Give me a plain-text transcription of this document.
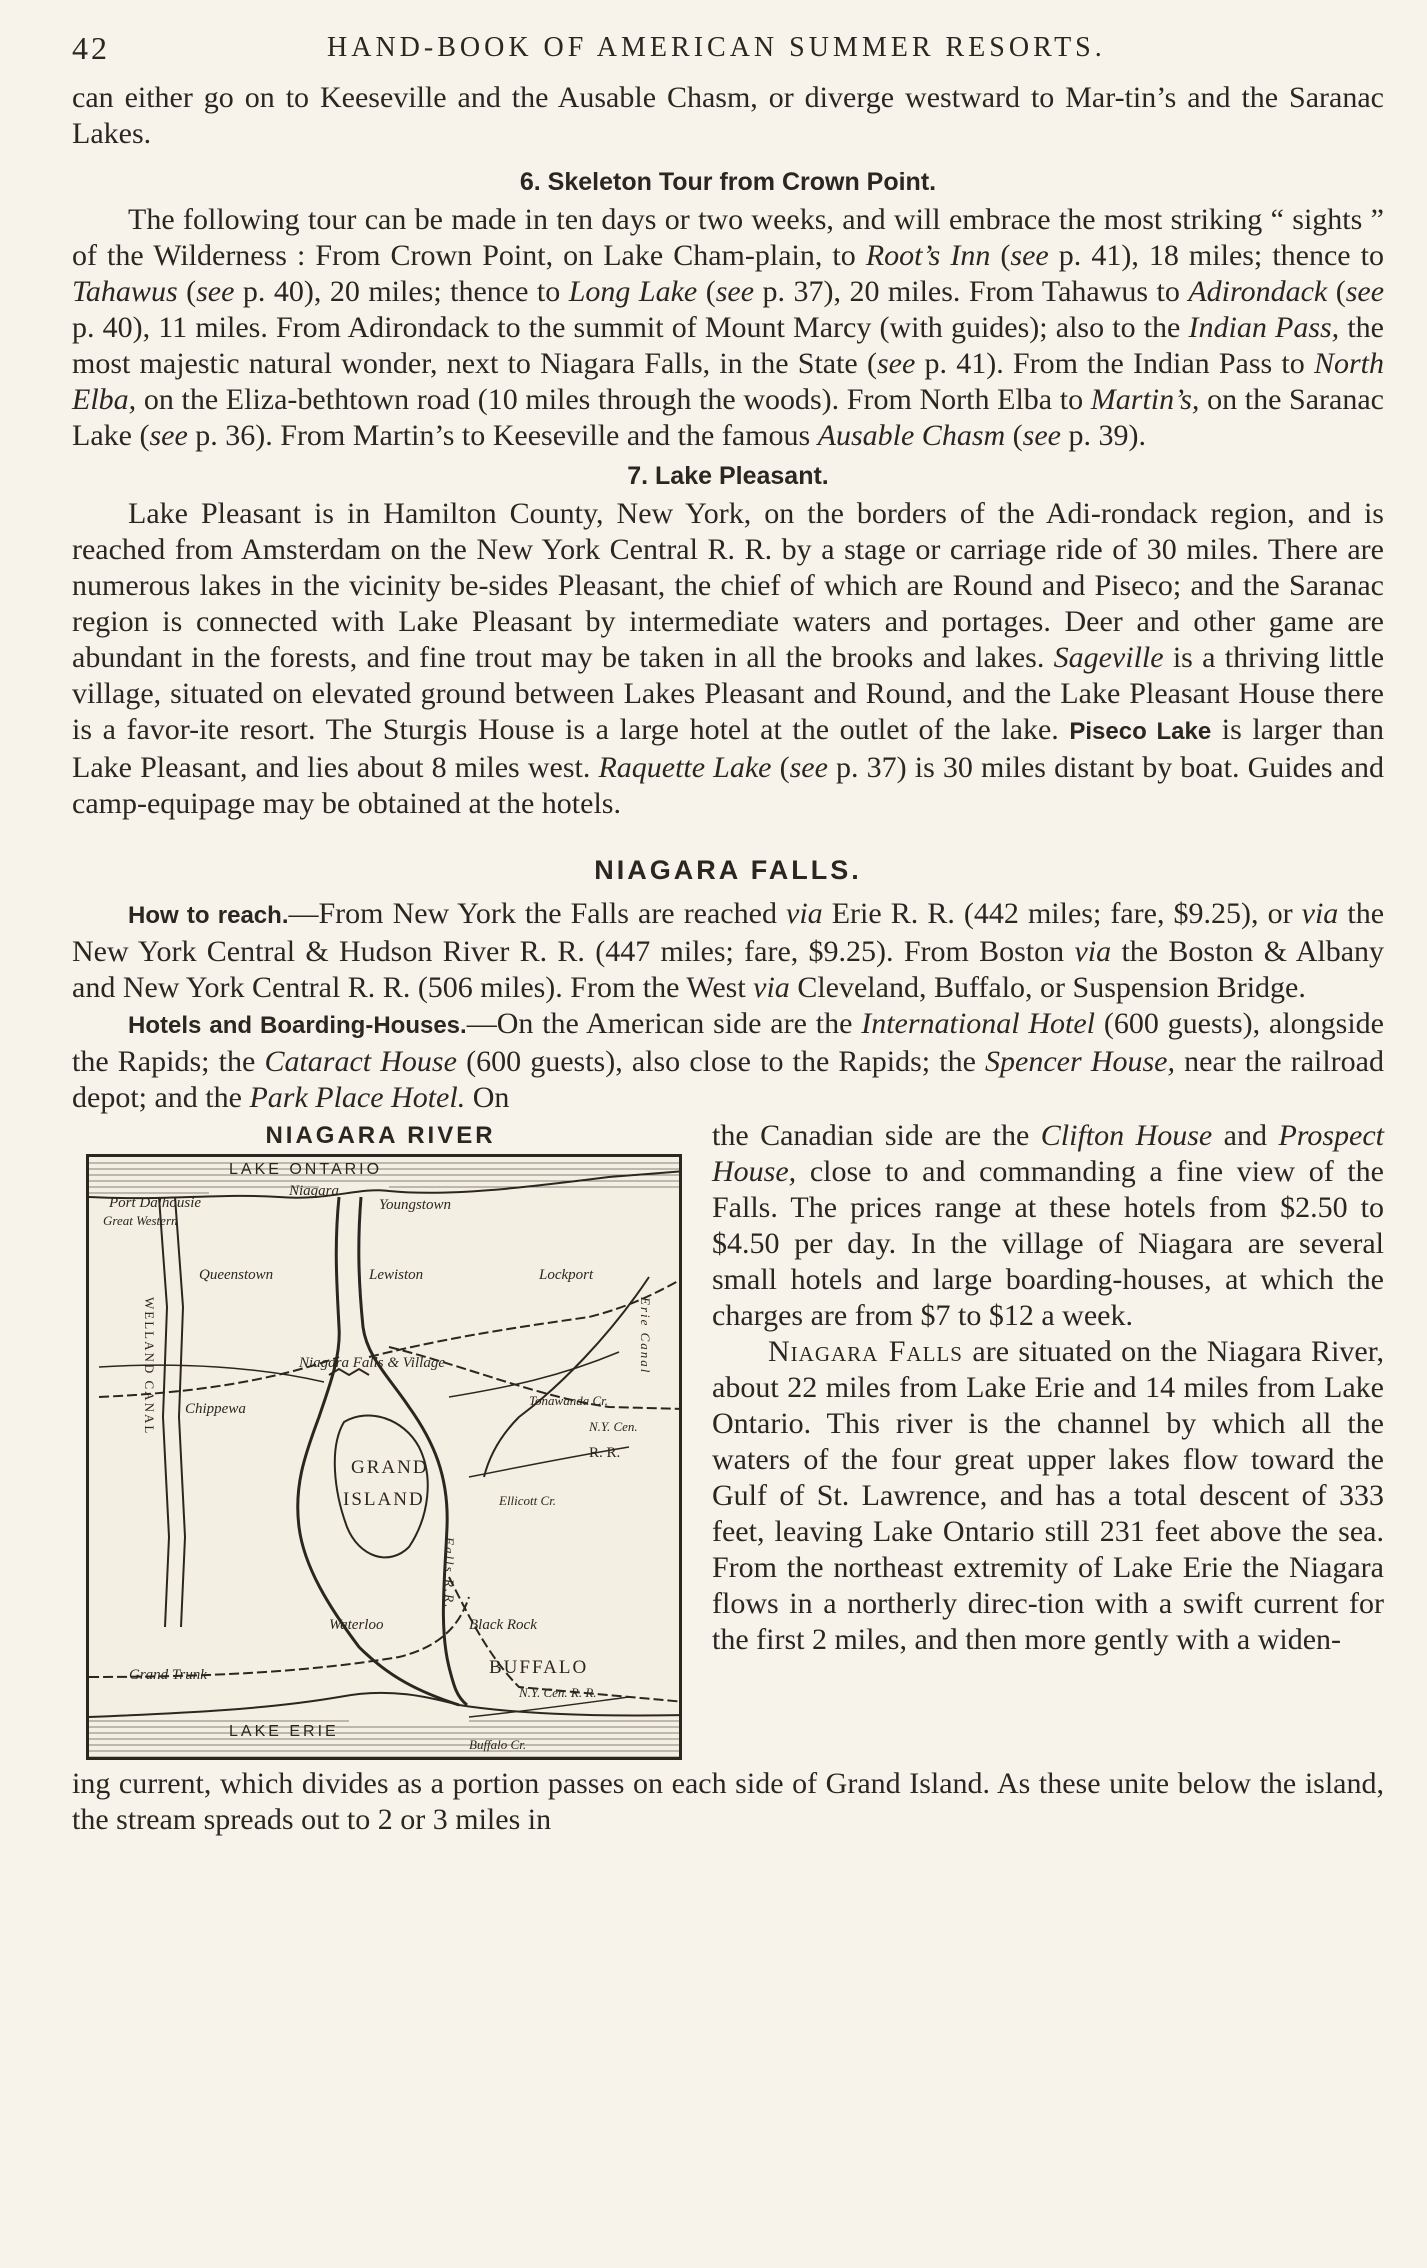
42	HAND-BOOK OF AMERICAN SUMMER RESORTS.

can either go on to Keeseville and the Ausable Chasm, or diverge westward to Mar-tin’s and the Saranac Lakes.

6. Skeleton Tour from Crown Point.

The following tour can be made in ten days or two weeks, and will embrace the most striking “ sights ” of the Wilderness : From Crown Point, on Lake Cham-plain, to Root’s Inn (see p. 41), 18 miles; thence to Tahawus (see p. 40), 20 miles; thence to Long Lake (see p. 37), 20 miles. From Tahawus to Adirondack (see p. 40), 11 miles. From Adirondack to the summit of Mount Marcy (with guides); also to the Indian Pass, the most majestic natural wonder, next to Niagara Falls, in the State (see p. 41). From the Indian Pass to North Elba, on the Eliza-bethtown road (10 miles through the woods). From North Elba to Martin’s, on the Saranac Lake (see p. 36). From Martin’s to Keeseville and the famous Ausable Chasm (see p. 39).

7. Lake Pleasant.

Lake Pleasant is in Hamilton County, New York, on the borders of the Adi-rondack region, and is reached from Amsterdam on the New York Central R. R. by a stage or carriage ride of 30 miles. There are numerous lakes in the vicinity be-sides Pleasant, the chief of which are Round and Piseco; and the Saranac region is connected with Lake Pleasant by intermediate waters and portages. Deer and other game are abundant in the forests, and fine trout may be taken in all the brooks and lakes. Sageville is a thriving little village, situated on elevated ground between Lakes Pleasant and Round, and the Lake Pleasant House there is a favor-ite resort. The Sturgis House is a large hotel at the outlet of the lake. Piseco Lake is larger than Lake Pleasant, and lies about 8 miles west. Raquette Lake (see p. 37) is 30 miles distant by boat. Guides and camp-equipage may be obtained at the hotels.

NIAGARA FALLS.

How to reach.—From New York the Falls are reached via Erie R. R. (442 miles; fare, $9.25), or via the New York Central & Hudson River R. R. (447 miles; fare, $9.25). From Boston via the Boston & Albany and New York Central R. R. (506 miles). From the West via Cleveland, Buffalo, or Suspension Bridge.

Hotels and Boarding-Houses.—On the American side are the International Hotel (600 guests), alongside the Rapids; the Cataract House (600 guests), also close to the Rapids; the Spencer House, near the railroad depot; and the Park Place Hotel. On

NIAGARA RIVER
LAKE ONTARIO
Niagara
Port Dalhousie
Great Western
Youngstown
Queenstown	Lewiston	Lockport
WELLAND CANAL	Erie Canal
Niagara Falls & Village
Chippewa
Tonawanda Cr.
N.Y. Cen.
GRAND
ISLAND
R. R.
Ellicott Cr.
Falls R.R.
Waterloo	Black Rock
Grand Trunk	BUFFALO
N.Y. Cen. R. R.
Buffalo Cr.
LAKE ERIE

the Canadian side are the Clifton House and Prospect House, close to and commanding a fine view of the Falls. The prices range at these hotels from $2.50 to $4.50 per day. In the village of Niagara are several small hotels and large boarding-houses, at which the charges are from $7 to $12 a week.

Niagara Falls are situated on the Niagara River, about 22 miles from Lake Erie and 14 miles from Lake Ontario. This river is the channel by which all the waters of the four great upper lakes flow toward the Gulf of St. Lawrence, and has a total descent of 333 feet, leaving Lake Ontario still 231 feet above the sea. From the northeast extremity of Lake Erie the Niagara flows in a northerly direc-tion with a swift current for the first 2 miles, and then more gently with a widen-

ing current, which divides as a portion passes on each side of Grand Island. As these unite below the island, the stream spreads out to 2 or 3 miles in
